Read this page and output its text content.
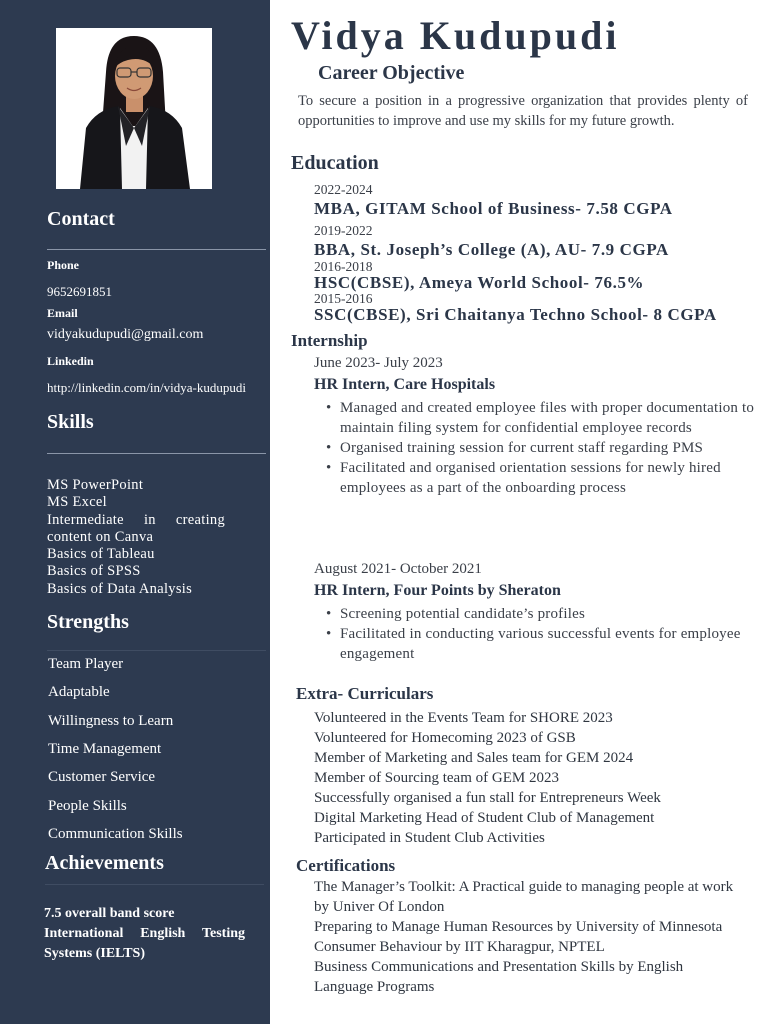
Contact
Phone
9652691851
Email
vidyakudupudi@gmail.com
Linkedin
http://linkedin.com/in/vidya-kudupudi
Skills
MS PowerPoint
MS Excel
Intermediate in creating content on Canva
Basics of Tableau
Basics of SPSS
Basics of Data Analysis
Strengths
Team Player
Adaptable
Willingness to Learn
Time Management
Customer Service
People Skills
Communication Skills
Achievements
7.5 overall band score
International English Testing
Systems (IELTS)
Vidya Kudupudi
Career Objective
To secure a position in a progressive organization that provides plenty of opportunities to improve and use my skills for my future growth.
Education
2022-2024
MBA, GITAM School of Business- 7.58 CGPA
2019-2022
BBA, St. Joseph’s College (A), AU- 7.9 CGPA
2016-2018
HSC(CBSE), Ameya World School- 76.5%
2015-2016
SSC(CBSE), Sri Chaitanya Techno School- 8 CGPA
Internship
June 2023- July 2023
HR Intern, Care Hospitals
• Managed and created employee files with proper documentation to maintain filing system for confidential employee records
• Organised training session for current staff regarding PMS
• Facilitated and organised orientation sessions for newly hired employees as a part of the onboarding process
August 2021- October 2021
HR Intern, Four Points by Sheraton
• Screening potential candidate’s profiles
• Facilitated in conducting various successful events for employee engagement
Extra- Curriculars
Volunteered in the Events Team for SHORE 2023
Volunteered for Homecoming 2023 of GSB
Member of Marketing and Sales team for GEM 2024
Member of Sourcing team of GEM 2023
Successfully organised a fun stall for Entrepreneurs Week
Digital Marketing Head of Student Club of Management
Participated in Student Club Activities
Certifications
The Manager’s Toolkit: A Practical guide to managing people at work by Univer Of London
Preparing to Manage Human Resources by University of Minnesota
Consumer Behaviour by IIT Kharagpur, NPTEL
Business Communications and Presentation Skills by English Language Programs
